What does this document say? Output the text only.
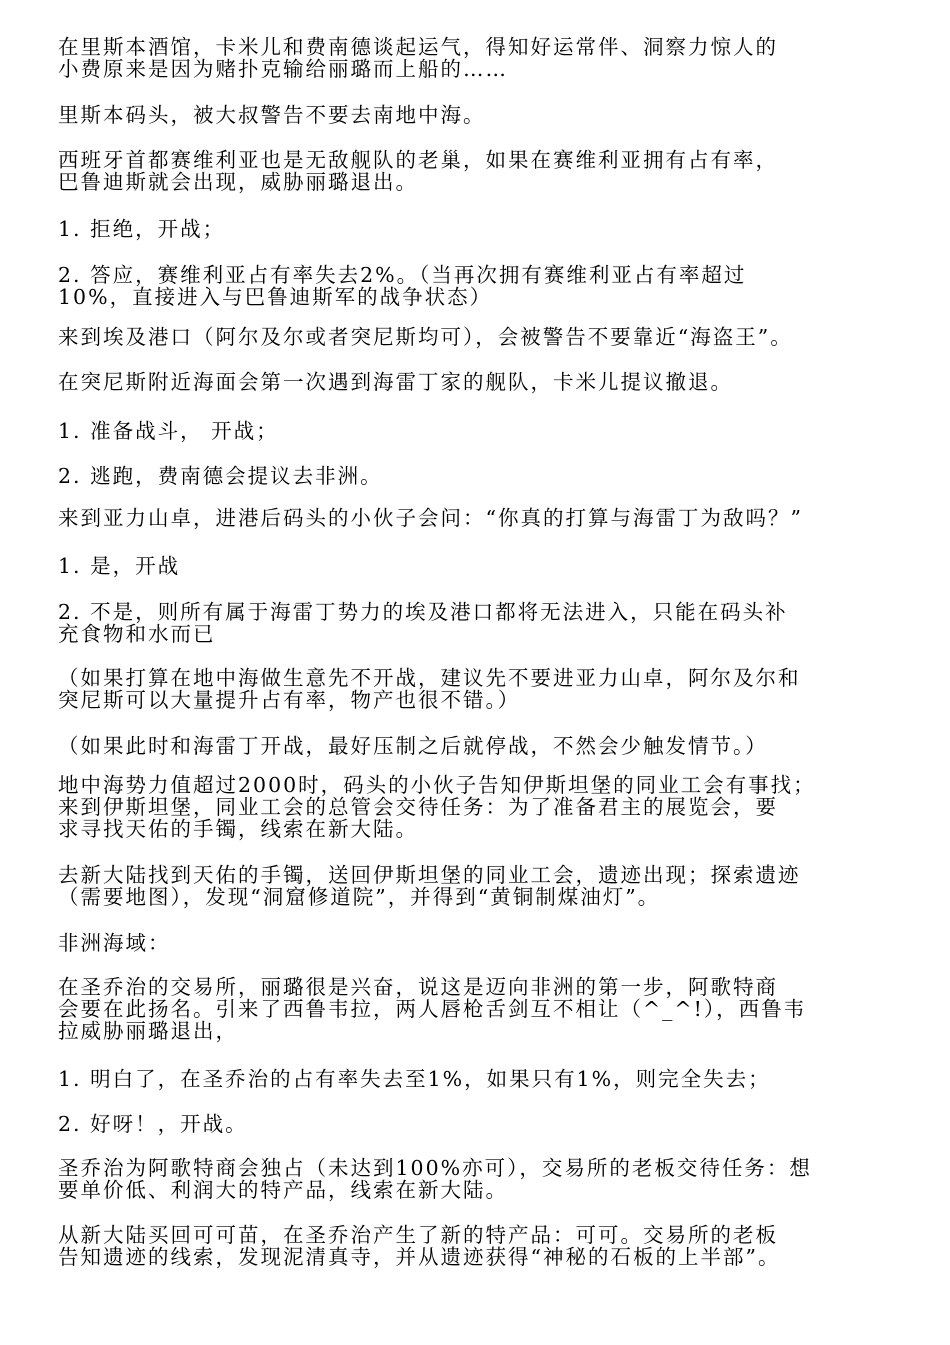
在里斯本酒馆，卡米儿和费南德谈起运气，得知好运常伴、洞察力惊人的
小费原来是因为赌扑克输给丽璐而上船的……
里斯本码头，被大叔警告不要去南地中海。
西班牙首都赛维利亚也是无敌舰队的老巢，如果在赛维利亚拥有占有率，
巴鲁迪斯就会出现，威胁丽璐退出。
1. 拒绝，开战；
2. 答应，赛维利亚占有率失去2%。（当再次拥有赛维利亚占有率超过
10%，直接进入与巴鲁迪斯军的战争状态）
来到埃及港口（阿尔及尔或者突尼斯均可），会被警告不要靠近“海盗王”。
在突尼斯附近海面会第一次遇到海雷丁家的舰队，卡米儿提议撤退。
1. 准备战斗， 开战；
2. 逃跑，费南德会提议去非洲。
来到亚力山卓，进港后码头的小伙子会问：“你真的打算与海雷丁为敌吗？”
1. 是，开战
2. 不是，则所有属于海雷丁势力的埃及港口都将无法进入，只能在码头补
充食物和水而已
（如果打算在地中海做生意先不开战，建议先不要进亚力山卓，阿尔及尔和
突尼斯可以大量提升占有率，物产也很不错。）
（如果此时和海雷丁开战，最好压制之后就停战，不然会少触发情节。）
地中海势力值超过2000时，码头的小伙子告知伊斯坦堡的同业工会有事找；
来到伊斯坦堡，同业工会的总管会交待任务：为了准备君主的展览会，要
求寻找天佑的手镯，线索在新大陆。
去新大陆找到天佑的手镯，送回伊斯坦堡的同业工会，遗迹出现；探索遗迹
（需要地图），发现“洞窟修道院”，并得到“黄铜制煤油灯”。
非洲海域：
在圣乔治的交易所，丽璐很是兴奋，说这是迈向非洲的第一步，阿歌特商
会要在此扬名。引来了西鲁韦拉，两人唇枪舌剑互不相让（^_^!），西鲁韦
拉威胁丽璐退出，
1. 明白了，在圣乔治的占有率失去至1%，如果只有1%，则完全失去；
2. 好呀！，开战。
圣乔治为阿歌特商会独占（未达到100%亦可），交易所的老板交待任务：想
要单价低、利润大的特产品，线索在新大陆。
从新大陆买回可可苗，在圣乔治产生了新的特产品：可可。交易所的老板
告知遗迹的线索，发现泥清真寺，并从遗迹获得“神秘的石板的上半部”。
